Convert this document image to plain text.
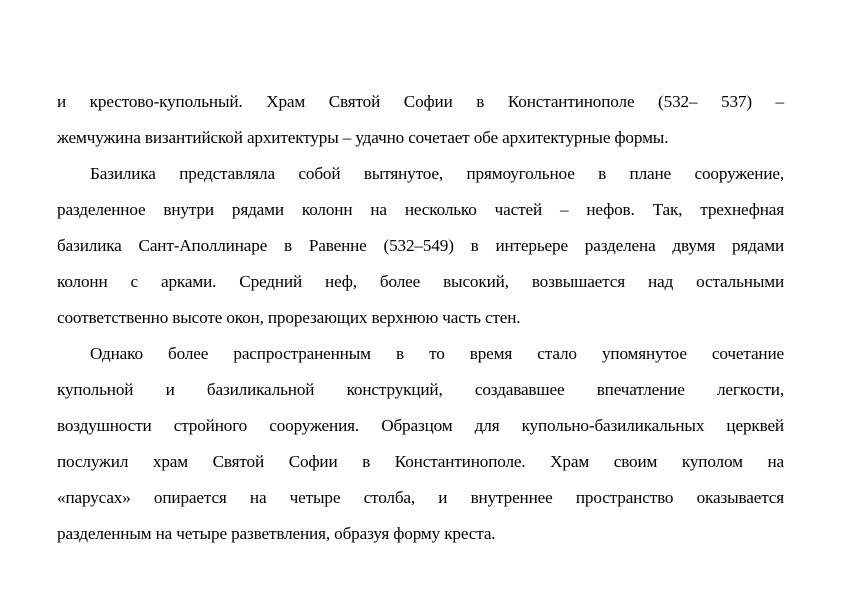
и крестово-купольный. Храм Святой Софии в Константинополе (532– 537) –
жемчужина византийской архитектуры – удачно сочетает обе архитектурные формы.
Базилика представляла собой вытянутое, прямоугольное в плане сооружение,
разделенное внутри рядами колонн на несколько частей – нефов. Так, трехнефная
базилика Сант-Аполлинаре в Равенне (532–549) в интерьере разделена двумя рядами
колонн с арками. Средний неф, более высокий, возвышается над остальными
соответственно высоте окон, прорезающих верхнюю часть стен.
Однако более распространенным в то время стало упомянутое сочетание
купольной и базиликальной конструкций, создававшее впечатление легкости,
воздушности стройного сооружения. Образцом для купольно-базиликальных церквей
послужил храм Святой Софии в Константинополе. Храм своим куполом на
«парусах» опирается на четыре столба, и внутреннее пространство оказывается
разделенным на четыре разветвления, образуя форму креста.
